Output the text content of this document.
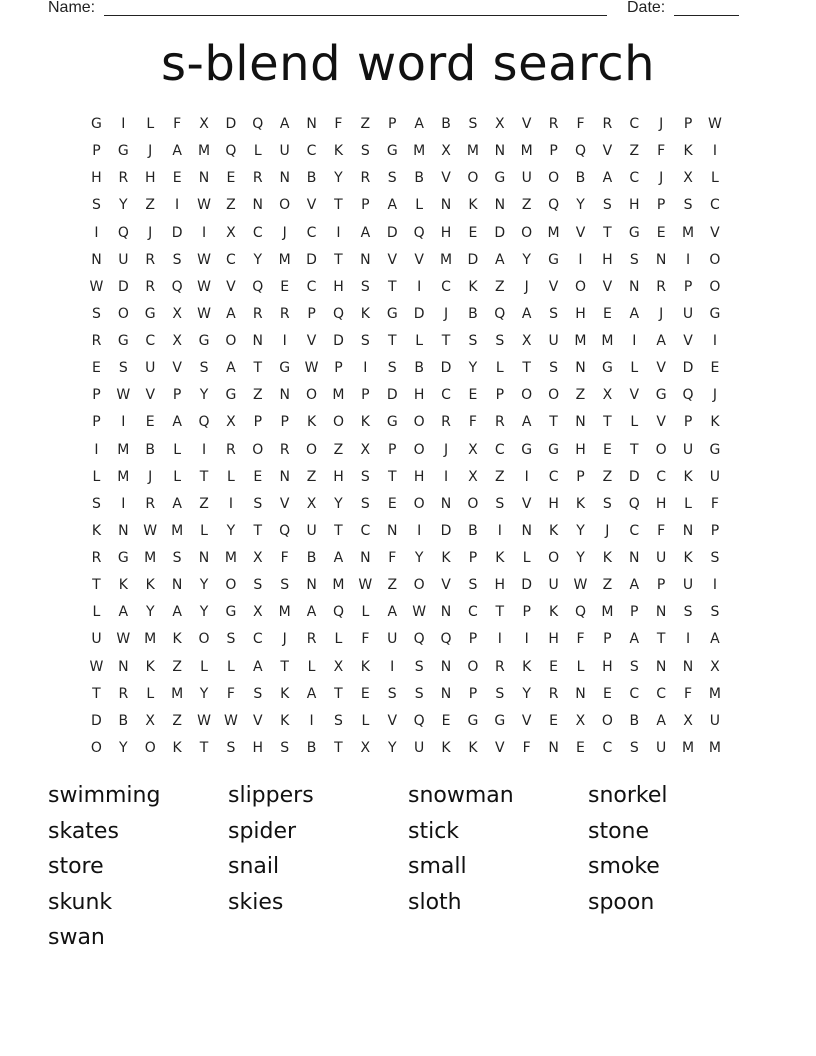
Name:	Date:
s-blend word search
G	I	L	F	X	D	Q	A	N	F	Z	P	A	B	S	X	V	R	F	R	C	J	P	W
P	G	J	A	M	Q	L	U	C	K	S	G	M	X	M	N	M	P	Q	V	Z	F	K	I
H	R	H	E	N	E	R	N	B	Y	R	S	B	V	O	G	U	O	B	A	C	J	X	L
S	Y	Z	I	W	Z	N	O	V	T	P	A	L	N	K	N	Z	Q	Y	S	H	P	S	C
I	Q	J	D	I	X	C	J	C	I	A	D	Q	H	E	D	O	M	V	T	G	E	M	V
N	U	R	S	W	C	Y	M	D	T	N	V	V	M	D	A	Y	G	I	H	S	N	I	O
W	D	R	Q	W	V	Q	E	C	H	S	T	I	C	K	Z	J	V	O	V	N	R	P	O
S	O	G	X	W	A	R	R	P	Q	K	G	D	J	B	Q	A	S	H	E	A	J	U	G
R	G	C	X	G	O	N	I	V	D	S	T	L	T	S	S	X	U	M	M	I	A	V	I
E	S	U	V	S	A	T	G	W	P	I	S	B	D	Y	L	T	S	N	G	L	V	D	E
P	W	V	P	Y	G	Z	N	O	M	P	D	H	C	E	P	O	O	Z	X	V	G	Q	J
P	I	E	A	Q	X	P	P	K	O	K	G	O	R	F	R	A	T	N	T	L	V	P	K
I	M	B	L	I	R	O	R	O	Z	X	P	O	J	X	C	G	G	H	E	T	O	U	G
L	M	J	L	T	L	E	N	Z	H	S	T	H	I	X	Z	I	C	P	Z	D	C	K	U
S	I	R	A	Z	I	S	V	X	Y	S	E	O	N	O	S	V	H	K	S	Q	H	L	F
K	N	W M	L	Y	T	Q	U	T	C	N	I	D	B	I	N	K	Y	J	C	F	N	P
R	G	M	S	N	M	X	F	B	A	N	F	Y	K	P	K	L	O	Y	K	N	U	K	S
T	K	K	N	Y	O	S	S	N	M W	Z	O	V	S	H	D	U	W	Z	A	P	U	I
L	A	Y	A	Y	G	X	M	A	Q	L	A	W	N	C	T	P	K	Q	M	P	N	S	S
U	W M	K	O	S	C	J	R	L	F	U	Q	Q	P	I	I	H	F	P	A	T	I	A
W	N	K	Z	L	L	A	T	L	X	K	I	S	N	O	R	K	E	L	H	S	N	N	X
T	R	L	M	Y	F	S	K	A	T	E	S	S	N	P	S	Y	R	N	E	C	C	F	M
D	B	X	Z	W W	V	K	I	S	L	V	Q	E	G	G	V	E	X	O	B	A	X	U
O	Y	O	K	T	S	H	S	B	T	X	Y	U	K	K	V	F	N	E	C	S	U	M	M
swimming	slippers	snowman	snorkel
skates	spider	stick	stone
store	snail	small	smoke
skunk	skies	sloth	spoon
swan
